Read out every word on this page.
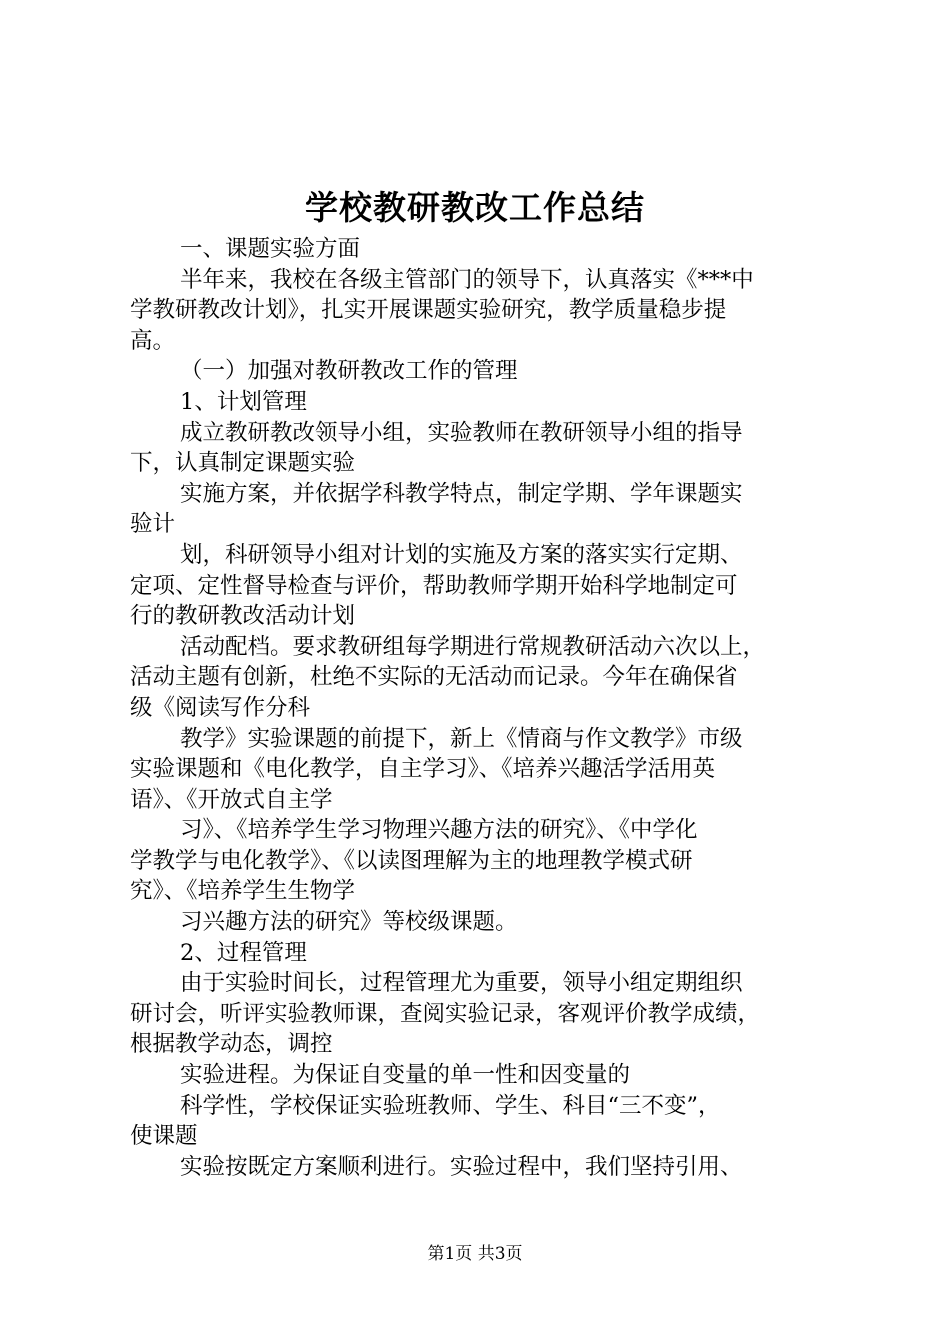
学校教研教改工作总结
一、课题实验方面
半年来，我校在各级主管部门的领导下，认真落实《***中
学教研教改计划》，扎实开展课题实验研究，教学质量稳步提
高。
（一）加强对教研教改工作的管理
1、计划管理
成立教研教改领导小组，实验教师在教研领导小组的指导
下，认真制定课题实验
实施方案，并依据学科教学特点，制定学期、学年课题实
验计
划，科研领导小组对计划的实施及方案的落实实行定期、
定项、定性督导检查与评价，帮助教师学期开始科学地制定可
行的教研教改活动计划
活动配档。要求教研组每学期进行常规教研活动六次以上，
活动主题有创新，杜绝不实际的无活动而记录。今年在确保省
级《阅读写作分科
教学》实验课题的前提下，新上《情商与作文教学》市级
实验课题和《电化教学，自主学习》、《培养兴趣活学活用英
语》、《开放式自主学
习》、《培养学生学习物理兴趣方法的研究》、《中学化
学教学与电化教学》、《以读图理解为主的地理教学模式研
究》、《培养学生生物学
习兴趣方法的研究》等校级课题。
2、过程管理
由于实验时间长，过程管理尤为重要，领导小组定期组织
研讨会，听评实验教师课，查阅实验记录，客观评价教学成绩，
根据教学动态，调控
实验进程。为保证自变量的单一性和因变量的
科学性，学校保证实验班教师、学生、科目“三不变”，
使课题
实验按既定方案顺利进行。实验过程中，我们坚持引用、
第1页 共3页
